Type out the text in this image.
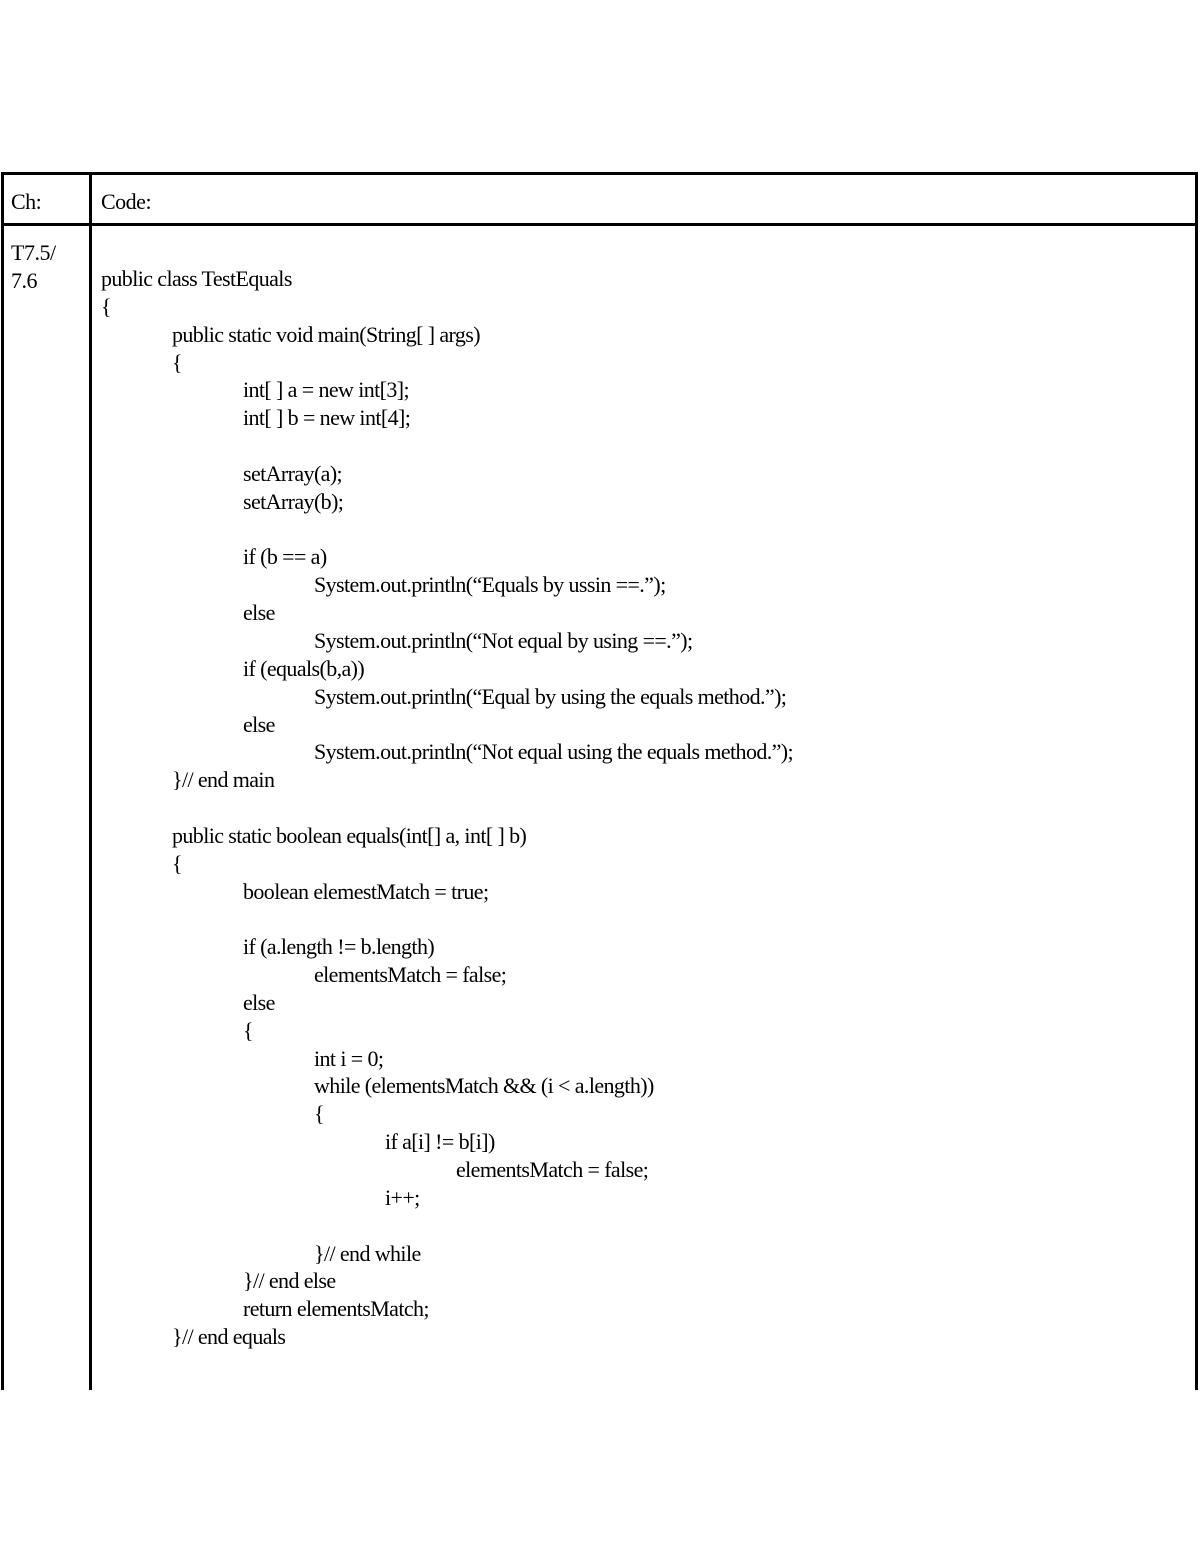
Ch:	Code:
T7.5/
7.6	public class TestEquals
{
public static void main(String[ ] args)
{
int[ ] a = new int[3];
int[ ] b = new int[4];
setArray(a);
setArray(b);
if (b == a)
System.out.println(“Equals by ussin ==.”);
else
System.out.println(“Not equal by using ==.”);
if (equals(b,a))
System.out.println(“Equal by using the equals method.”);
else
System.out.println(“Not equal using the equals method.”);
}// end main
public static boolean equals(int[] a, int[ ] b)
{
boolean elemestMatch = true;
if (a.length != b.length)
elementsMatch = false;
else
{
int i = 0;
while (elementsMatch && (i < a.length))
{
if a[i] != b[i])
elementsMatch = false;
i++;
}// end while
}// end else
return elementsMatch;
}// end equals
